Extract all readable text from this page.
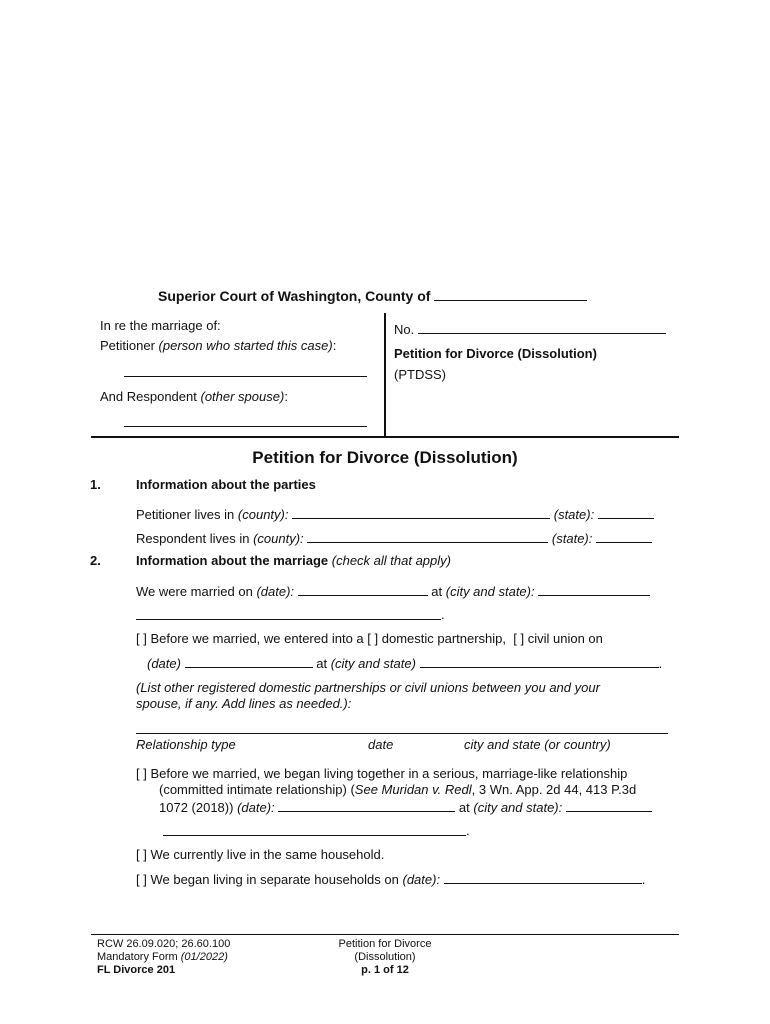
Superior Court of Washington, County of
In re the marriage of:
Petitioner (person who started this case):
And Respondent (other spouse):
No.
Petition for Divorce (Dissolution)
(PTDSS)
Petition for Divorce (Dissolution)
1.	Information about the parties
Petitioner lives in (county):	(state):
Respondent lives in (county):	(state):
2.	Information about the marriage (check all that apply)
We were married on (date):	at (city and state):
.
[ ] Before we married, we entered into a [ ] domestic partnership, [ ] civil union on
(date)	at (city and state)	.
(List other registered domestic partnerships or civil unions between you and your
spouse, if any. Add lines as needed.):
Relationship type	date	city and state (or country)
[ ] Before we married, we began living together in a serious, marriage-like relationship
(committed intimate relationship) (See Muridan v. Redl, 3 Wn. App. 2d 44, 413 P.3d
1072 (2018)) (date):	at (city and state):
.
[ ] We currently live in the same household.
[ ] We began living in separate households on (date):	.
RCW 26.09.020; 26.60.100
Mandatory Form (01/2022)
FL Divorce 201
Petition for Divorce
(Dissolution)
p. 1 of 12
